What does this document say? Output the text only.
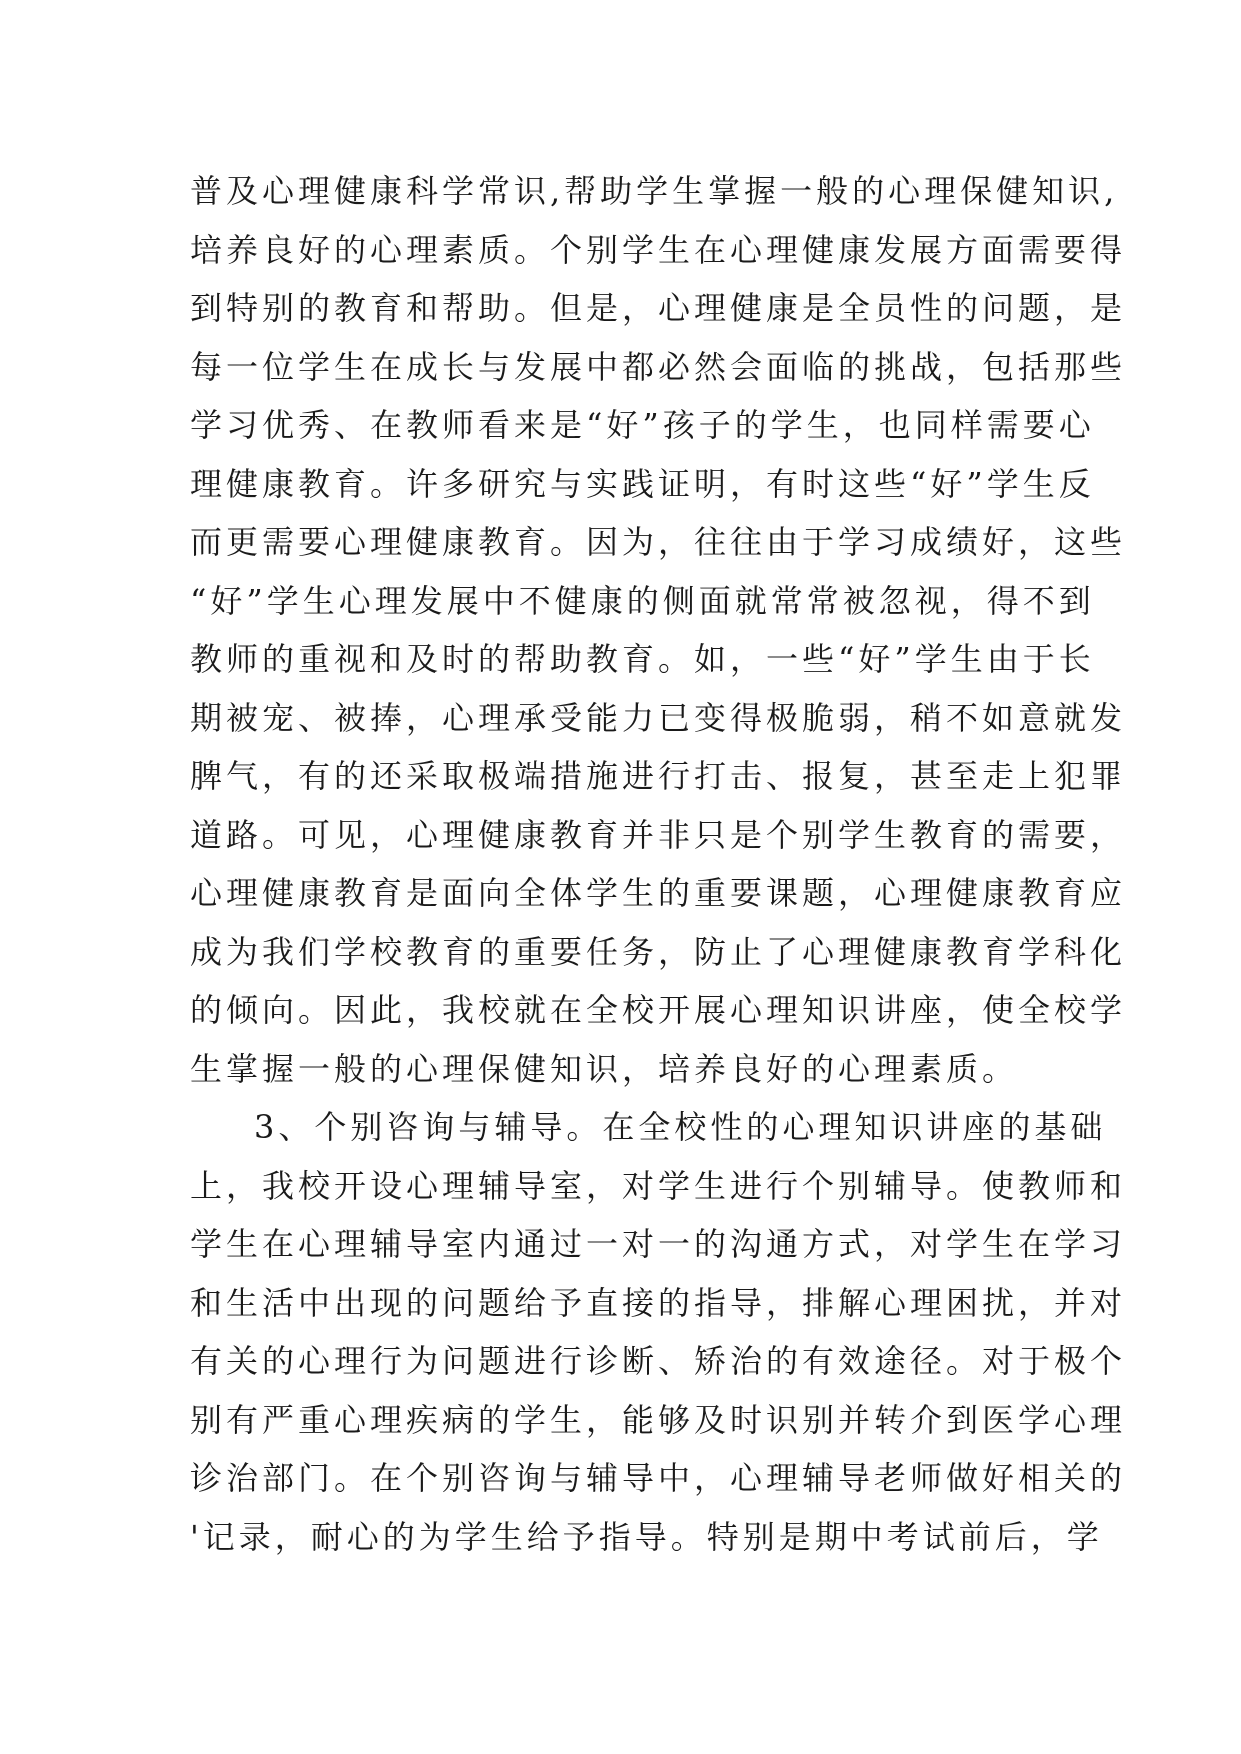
普及心理健康科学常识,帮助学生掌握一般的心理保健知识,
培养良好的心理素质。个别学生在心理健康发展方面需要得
到特别的教育和帮助。但是，心理健康是全员性的问题，是
每一位学生在成长与发展中都必然会面临的挑战，包括那些
学习优秀、在教师看来是“好”孩子的学生，也同样需要心
理健康教育。许多研究与实践证明，有时这些“好”学生反
而更需要心理健康教育。因为，往往由于学习成绩好，这些
“好”学生心理发展中不健康的侧面就常常被忽视，得不到
教师的重视和及时的帮助教育。如，一些“好”学生由于长
期被宠、被捧，心理承受能力已变得极脆弱，稍不如意就发
脾气，有的还采取极端措施进行打击、报复，甚至走上犯罪
道路。可见，心理健康教育并非只是个别学生教育的需要，
心理健康教育是面向全体学生的重要课题，心理健康教育应
成为我们学校教育的重要任务，防止了心理健康教育学科化
的倾向。因此，我校就在全校开展心理知识讲座，使全校学
生掌握一般的心理保健知识，培养良好的心理素质。
3、个别咨询与辅导。在全校性的心理知识讲座的基础
上，我校开设心理辅导室，对学生进行个别辅导。使教师和
学生在心理辅导室内通过一对一的沟通方式，对学生在学习
和生活中出现的问题给予直接的指导，排解心理困扰，并对
有关的心理行为问题进行诊断、矫治的有效途径。对于极个
别有严重心理疾病的学生，能够及时识别并转介到医学心理
诊治部门。在个别咨询与辅导中，心理辅导老师做好相关的
'记录，耐心的为学生给予指导。特别是期中考试前后，学
